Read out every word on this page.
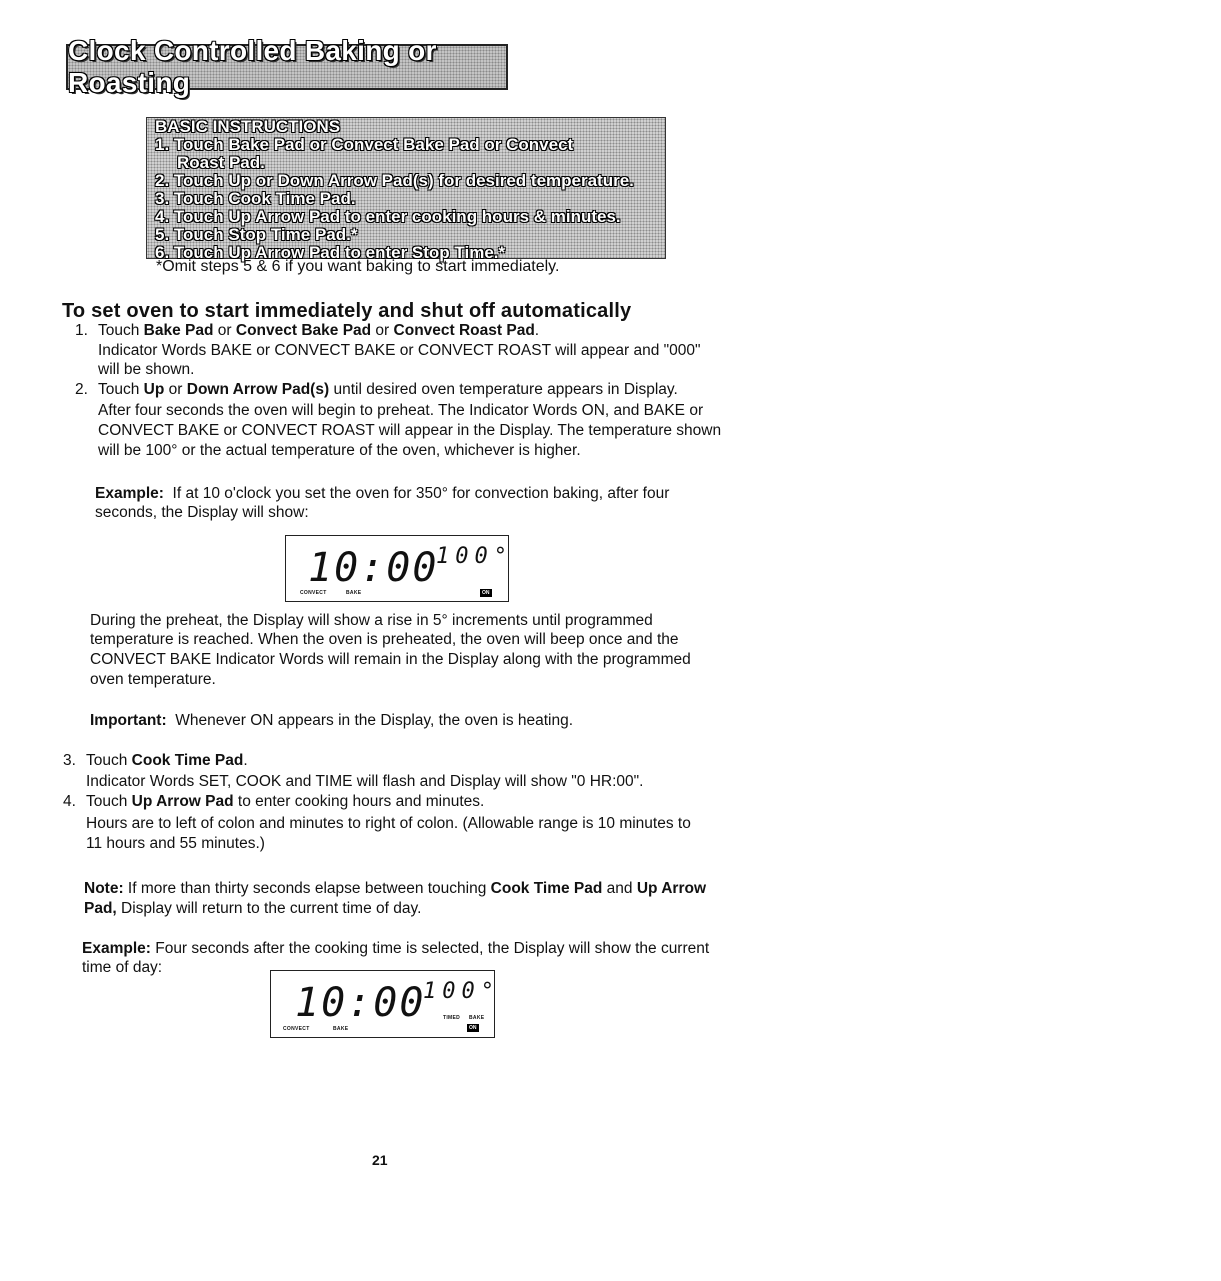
Clock Controlled Baking or Roasting
BASIC INSTRUCTIONS
1. Touch Bake Pad or Convect Bake Pad or Convect
Roast Pad.
2. Touch Up or Down Arrow Pad(s) for desired temperature.
3. Touch Cook Time Pad.
4. Touch Up Arrow Pad to enter cooking hours & minutes.
5. Touch Stop Time Pad.*
6. Touch Up Arrow Pad to enter Stop Time.*
*Omit steps 5 & 6 if you want baking to start immediately.
To set oven to start immediately and shut off automatically
1. Touch Bake Pad or Convect Bake Pad or Convect Roast Pad.
Indicator Words BAKE or CONVECT BAKE or CONVECT ROAST will appear and "000"
will be shown.
2. Touch Up or Down Arrow Pad(s) until desired oven temperature appears in Display.
After four seconds the oven will begin to preheat. The Indicator Words ON, and BAKE or
CONVECT BAKE or CONVECT ROAST will appear in the Display. The temperature shown
will be 100° or the actual temperature of the oven, whichever is higher.
Example: If at 10 o'clock you set the oven for 350° for convection baking, after four
seconds, the Display will show:
10:00
100°
CONVECT	BAKE	ON
During the preheat, the Display will show a rise in 5° increments until programmed
temperature is reached. When the oven is preheated, the oven will beep once and the
CONVECT BAKE Indicator Words will remain in the Display along with the programmed
oven temperature.
Important: Whenever ON appears in the Display, the oven is heating.
3. Touch Cook Time Pad.
Indicator Words SET, COOK and TIME will flash and Display will show "0 HR:00".
4. Touch Up Arrow Pad to enter cooking hours and minutes.
Hours are to left of colon and minutes to right of colon. (Allowable range is 10 minutes to
11 hours and 55 minutes.)
Note: If more than thirty seconds elapse between touching Cook Time Pad and Up Arrow
Pad, Display will return to the current time of day.
Example: Four seconds after the cooking time is selected, the Display will show the current
time of day:
10:00
100°
CONVECT	BAKE
TIMED BAKE
ON
21
